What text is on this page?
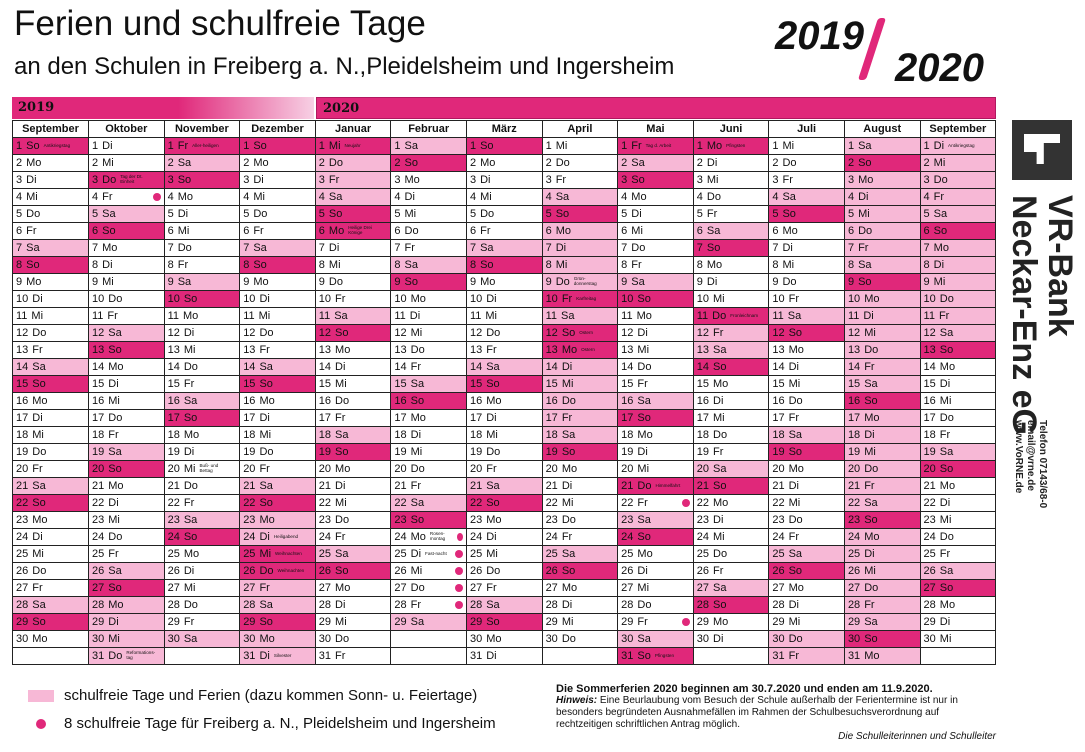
Ferien und schulfreie Tage
an den Schulen in Freiberg a. N.,Pleidelsheim und Ingersheim
2019
2020
2019	2020
September	Oktober	November	Dezember	Januar	Februar	März	April	Mai	Juni	Juli	August	September

1 So Antikriegstag	1 Di	1 Fr Aller-heiligen	1 So	1 Mi Neujahr	1 Sa	1 So	1 Mi	1 Fr Tag d. Arbeit	1 Mo Pfingsten	1 Mi	1 Sa	1 Di Antikriegstag

2 Mo	2 Mi	2 Sa	2 Mo	2 Do	2 So	2 Mo	2 Do	2 Sa	2 Di	2 Do	2 So	2 Mi

3 Di	3 Do Tag der Dt. Einheit	3 So	3 Di	3 Fr	3 Mo	3 Di	3 Fr	3 So	3 Mi	3 Fr	3 Mo	3 Do

4 Mi	4 Fr	4 Mo	4 Mi	4 Sa	4 Di	4 Mi	4 Sa	4 Mo	4 Do	4 Sa	4 Di	4 Fr

5 Do	5 Sa	5 Di	5 Do	5 So	5 Mi	5 Do	5 So	5 Di	5 Fr	5 So	5 Mi	5 Sa

6 Fr	6 So	6 Mi	6 Fr	6 Mo Heilige Drei Könige	6 Do	6 Fr	6 Mo	6 Mi	6 Sa	6 Mo	6 Do	6 So

7 Sa	7 Mo	7 Do	7 Sa	7 Di	7 Fr	7 Sa	7 Di	7 Do	7 So	7 Di	7 Fr	7 Mo

8 So	8 Di	8 Fr	8 So	8 Mi	8 Sa	8 So	8 Mi	8 Fr	8 Mo	8 Mi	8 Sa	8 Di

9 Mo	9 Mi	9 Sa	9 Mo	9 Do	9 So	9 Mo	9 Do Grün-donnerstag	9 Sa	9 Di	9 Do	9 So	9 Mi

10 Di	10 Do	10 So	10 Di	10 Fr	10 Mo	10 Di	10 Fr Karfreitag	10 So	10 Mi	10 Fr	10 Mo	10 Do

11 Mi	11 Fr	11 Mo	11 Mi	11 Sa	11 Di	11 Mi	11 Sa	11 Mo	11 Do Fronleichnam	11 Sa	11 Di	11 Fr

12 Do	12 Sa	12 Di	12 Do	12 So	12 Mi	12 Do	12 So Ostern	12 Di	12 Fr	12 So	12 Mi	12 Sa

13 Fr	13 So	13 Mi	13 Fr	13 Mo	13 Do	13 Fr	13 Mo Ostern	13 Mi	13 Sa	13 Mo	13 Do	13 So

14 Sa	14 Mo	14 Do	14 Sa	14 Di	14 Fr	14 Sa	14 Di	14 Do	14 So	14 Di	14 Fr	14 Mo

15 So	15 Di	15 Fr	15 So	15 Mi	15 Sa	15 So	15 Mi	15 Fr	15 Mo	15 Mi	15 Sa	15 Di

16 Mo	16 Mi	16 Sa	16 Mo	16 Do	16 So	16 Mo	16 Do	16 Sa	16 Di	16 Do	16 So	16 Mi

17 Di	17 Do	17 So	17 Di	17 Fr	17 Mo	17 Di	17 Fr	17 So	17 Mi	17 Fr	17 Mo	17 Do

18 Mi	18 Fr	18 Mo	18 Mi	18 Sa	18 Di	18 Mi	18 Sa	18 Mo	18 Do	18 Sa	18 Di	18 Fr

19 Do	19 Sa	19 Di	19 Do	19 So	19 Mi	19 Do	19 So	19 Di	19 Fr	19 So	19 Mi	19 Sa

20 Fr	20 So	20 Mi Buß- und Bettag	20 Fr	20 Mo	20 Do	20 Fr	20 Mo	20 Mi	20 Sa	20 Mo	20 Do	20 So

21 Sa	21 Mo	21 Do	21 Sa	21 Di	21 Fr	21 Sa	21 Di	21 Do Himmelfahrt	21 So	21 Di	21 Fr	21 Mo

22 So	22 Di	22 Fr	22 So	22 Mi	22 Sa	22 So	22 Mi	22 Fr	22 Mo	22 Mi	22 Sa	22 Di

23 Mo	23 Mi	23 Sa	23 Mo	23 Do	23 So	23 Mo	23 Do	23 Sa	23 Di	23 Do	23 So	23 Mi

24 Di	24 Do	24 So	24 Di Heiligabend	24 Fr	24 Mo Rosen-montag	24 Di	24 Fr	24 So	24 Mi	24 Fr	24 Mo	24 Do

25 Mi	25 Fr	25 Mo	25 Mi Weihnachten	25 Sa	25 Di Fast-nacht	25 Mi	25 Sa	25 Mo	25 Do	25 Sa	25 Di	25 Fr

26 Do	26 Sa	26 Di	26 Do Weihnachten	26 So	26 Mi	26 Do	26 So	26 Di	26 Fr	26 So	26 Mi	26 Sa

27 Fr	27 So	27 Mi	27 Fr	27 Mo	27 Do	27 Fr	27 Mo	27 Mi	27 Sa	27 Mo	27 Do	27 So

28 Sa	28 Mo	28 Do	28 Sa	28 Di	28 Fr	28 Sa	28 Di	28 Do	28 So	28 Di	28 Fr	28 Mo

29 So	29 Di	29 Fr	29 So	29 Mi	29 Sa	29 So	29 Mi	29 Fr	29 Mo	29 Mi	29 Sa	29 Di

30 Mo	30 Mi	30 Sa	30 Mo	30 Do		30 Mo	30 Do	30 Sa	30 Di	30 Do	30 So	30 Mi

	31 Do Reformations-tag		31 Di Silvester	31 Fr		31 Di		31 So Pfingsten		31 Fr	31 Mo	

VR-Bank
Neckar-Enz eG
Telefon 07143/68-0
email@vrne.de
www.VoRNE.de
schulfreie Tage und Ferien (dazu kommen Sonn- u. Feiertage)
8 schulfreie Tage für Freiberg a. N., Pleidelsheim und Ingersheim
Die Sommerferien 2020 beginnen am 30.7.2020 und enden am 11.9.2020.
Hinweis: Eine Beurlaubung vom Besuch der Schule außerhalb der Ferientermine ist nur in besonders begründeten Ausnahmefällen im Rahmen der Schulbesuchsverordnung auf rechtzeitigen schriftlichen Antrag möglich.
Die Schulleiterinnen und Schulleiter
